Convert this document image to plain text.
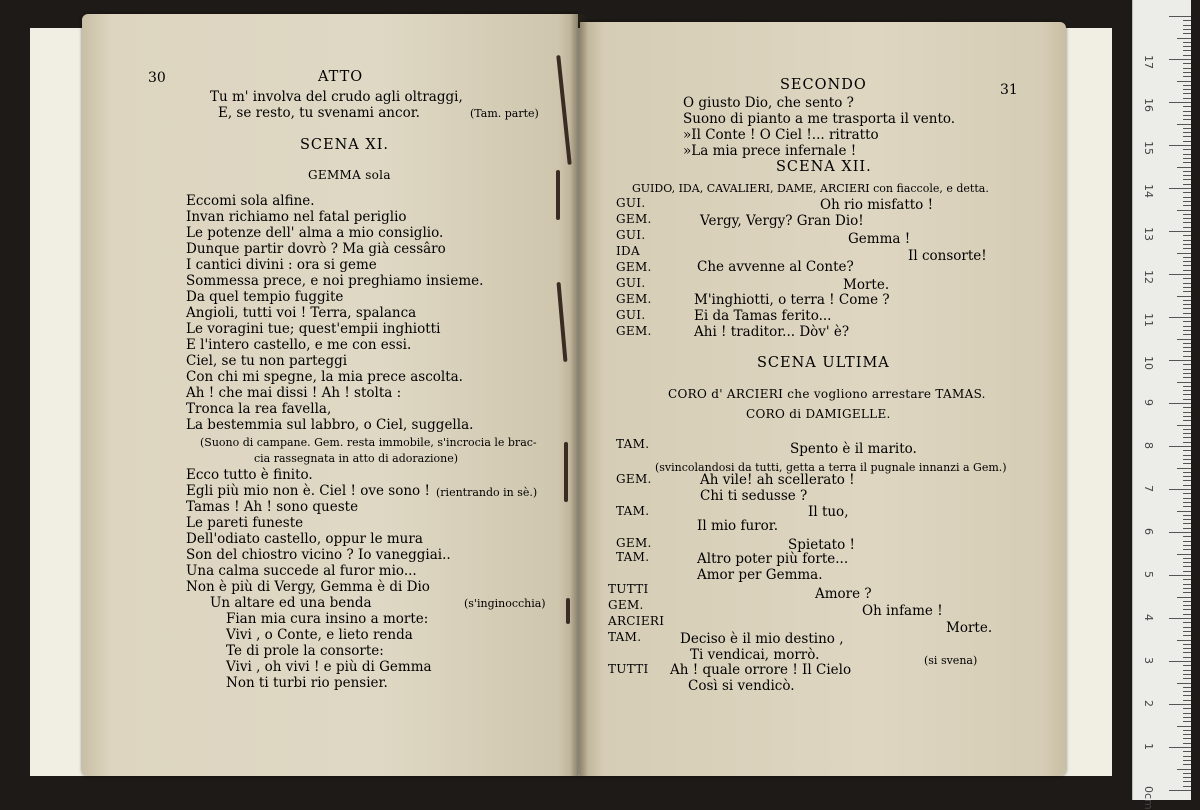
30	ATTO
Tu m' involva del crudo agli oltraggi,
E, se resto, tu svenami ancor.	(Tam. parte)
SCENA XI.
GEMMA sola
Eccomi sola alfine.
Invan richiamo nel fatal periglio
Le potenze dell' alma a mio consiglio.
Dunque partir dovrò ? Ma già cessâro
I cantici divini : ora si geme
Sommessa prece, e noi preghiamo insieme.
Da quel tempio fuggite
Angioli, tutti voi ! Terra, spalanca
Le voragini tue; quest'empii inghiotti
E l'intero castello, e me con essi.
Ciel, se tu non parteggi
Con chi mi spegne, la mia prece ascolta.
Ah ! che mai dissi ! Ah ! stolta :
Tronca la rea favella,
La bestemmia sul labbro, o Ciel, suggella.
(Suono di campane. Gem. resta immobile, s'incrocia le brac-
cia rassegnata in atto di adorazione)
Ecco tutto è finito.
Egli più mio non è. Ciel ! ove sono ! (rientrando in sè.)
Tamas ! Ah ! sono queste
Le pareti funeste
Dell'odiato castello, oppur le mura
Son del chiostro vicino ? Io vaneggiai..
Una calma succede al furor mio...
Non è più di Vergy, Gemma è di Dio
Un altare ed una benda	(s'inginocchia)
Fian mia cura insino a morte:
Vivi , o Conte, e lieto renda
Te di prole la consorte:
Vivi , oh vivi ! e più di Gemma
Non ti turbi rio pensier.
SECONDO	31
O giusto Dio, che sento ?
Suono di pianto a me trasporta il vento.
»Il Conte ! O Ciel !... ritratto
»La mia prece infernale !
SCENA XII.
GUIDO, IDA, CAVALIERI, DAME, ARCIERI con fiaccole, e detta.
GUI.	Oh rio misfatto !
GEM.	Vergy, Vergy? Gran Dio!
GUI.	Gemma !
IDA	Il consorte!
GEM.	Che avvenne al Conte?
GUI.	Morte.
GEM.	M'inghiotti, o terra ! Come ?
GUI.	Ei da Tamas ferito...
GEM.	Ahi ! traditor... Dòv' è?
SCENA ULTIMA
CORO d' ARCIERI che vogliono arrestare TAMAS.
CORO di DAMIGELLE.
TAM.	Spento è il marito.
(svincolandosi da tutti, getta a terra il pugnale innanzi a Gem.)
GEM.	Ah vile! ah scellerato !
Chi ti sedusse ?
TAM.	Il tuo,
Il mio furor.
GEM.	Spietato !
TAM.	Altro poter più forte...
Amor per Gemma.
TUTTI	Amore ?
GEM.	Oh infame !
ARCIERI	Morte.
TAM.	Deciso è il mio destino ,
Ti vendicai, morrò.	(si svena)
TUTTI Ah ! quale orrore ! Il Cielo
Così si vendicò.
17
16
15
14
13
12
11
10
9
8
7
6
5
4
3
2
1
0cm
